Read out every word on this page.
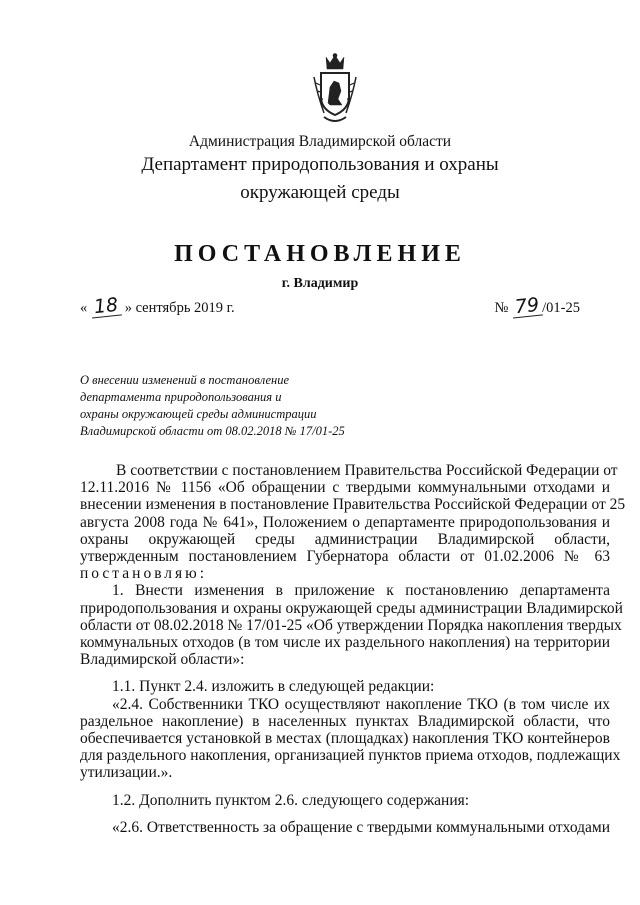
Администрация Владимирской области
Департамент природопользования и охраны
окружающей среды
ПОСТАНОВЛЕНИЕ
г. Владимир
« 18 » сентябрь 2019 г.	№ 79 /01-25
О внесении изменений в постановление
департамента природопользования и
охраны окружающей среды администрации
Владимирской области от 08.02.2018 № 17/01-25
В соответствии с постановлением Правительства Российской Федерации от
12.11.2016 № 1156 «Об обращении с твердыми коммунальными отходами и
внесении изменения в постановление Правительства Российской Федерации от 25
августа 2008 года № 641», Положением о департаменте природопользования и
охраны окружающей среды администрации Владимирской области,
утвержденным постановлением Губернатора области от 01.02.2006 № 63
постановляю:
1. Внести изменения в приложение к постановлению департамента
природопользования и охраны окружающей среды администрации Владимирской
области от 08.02.2018 № 17/01-25 «Об утверждении Порядка накопления твердых
коммунальных отходов (в том числе их раздельного накопления) на территории
Владимирской области»:
1.1. Пункт 2.4. изложить в следующей редакции:
«2.4. Собственники ТКО осуществляют накопление ТКО (в том числе их
раздельное накопление) в населенных пунктах Владимирской области, что
обеспечивается установкой в местах (площадках) накопления ТКО контейнеров
для раздельного накопления, организацией пунктов приема отходов, подлежащих
утилизации.».
1.2. Дополнить пунктом 2.6. следующего содержания:
«2.6. Ответственность за обращение с твердыми коммунальными отходами
